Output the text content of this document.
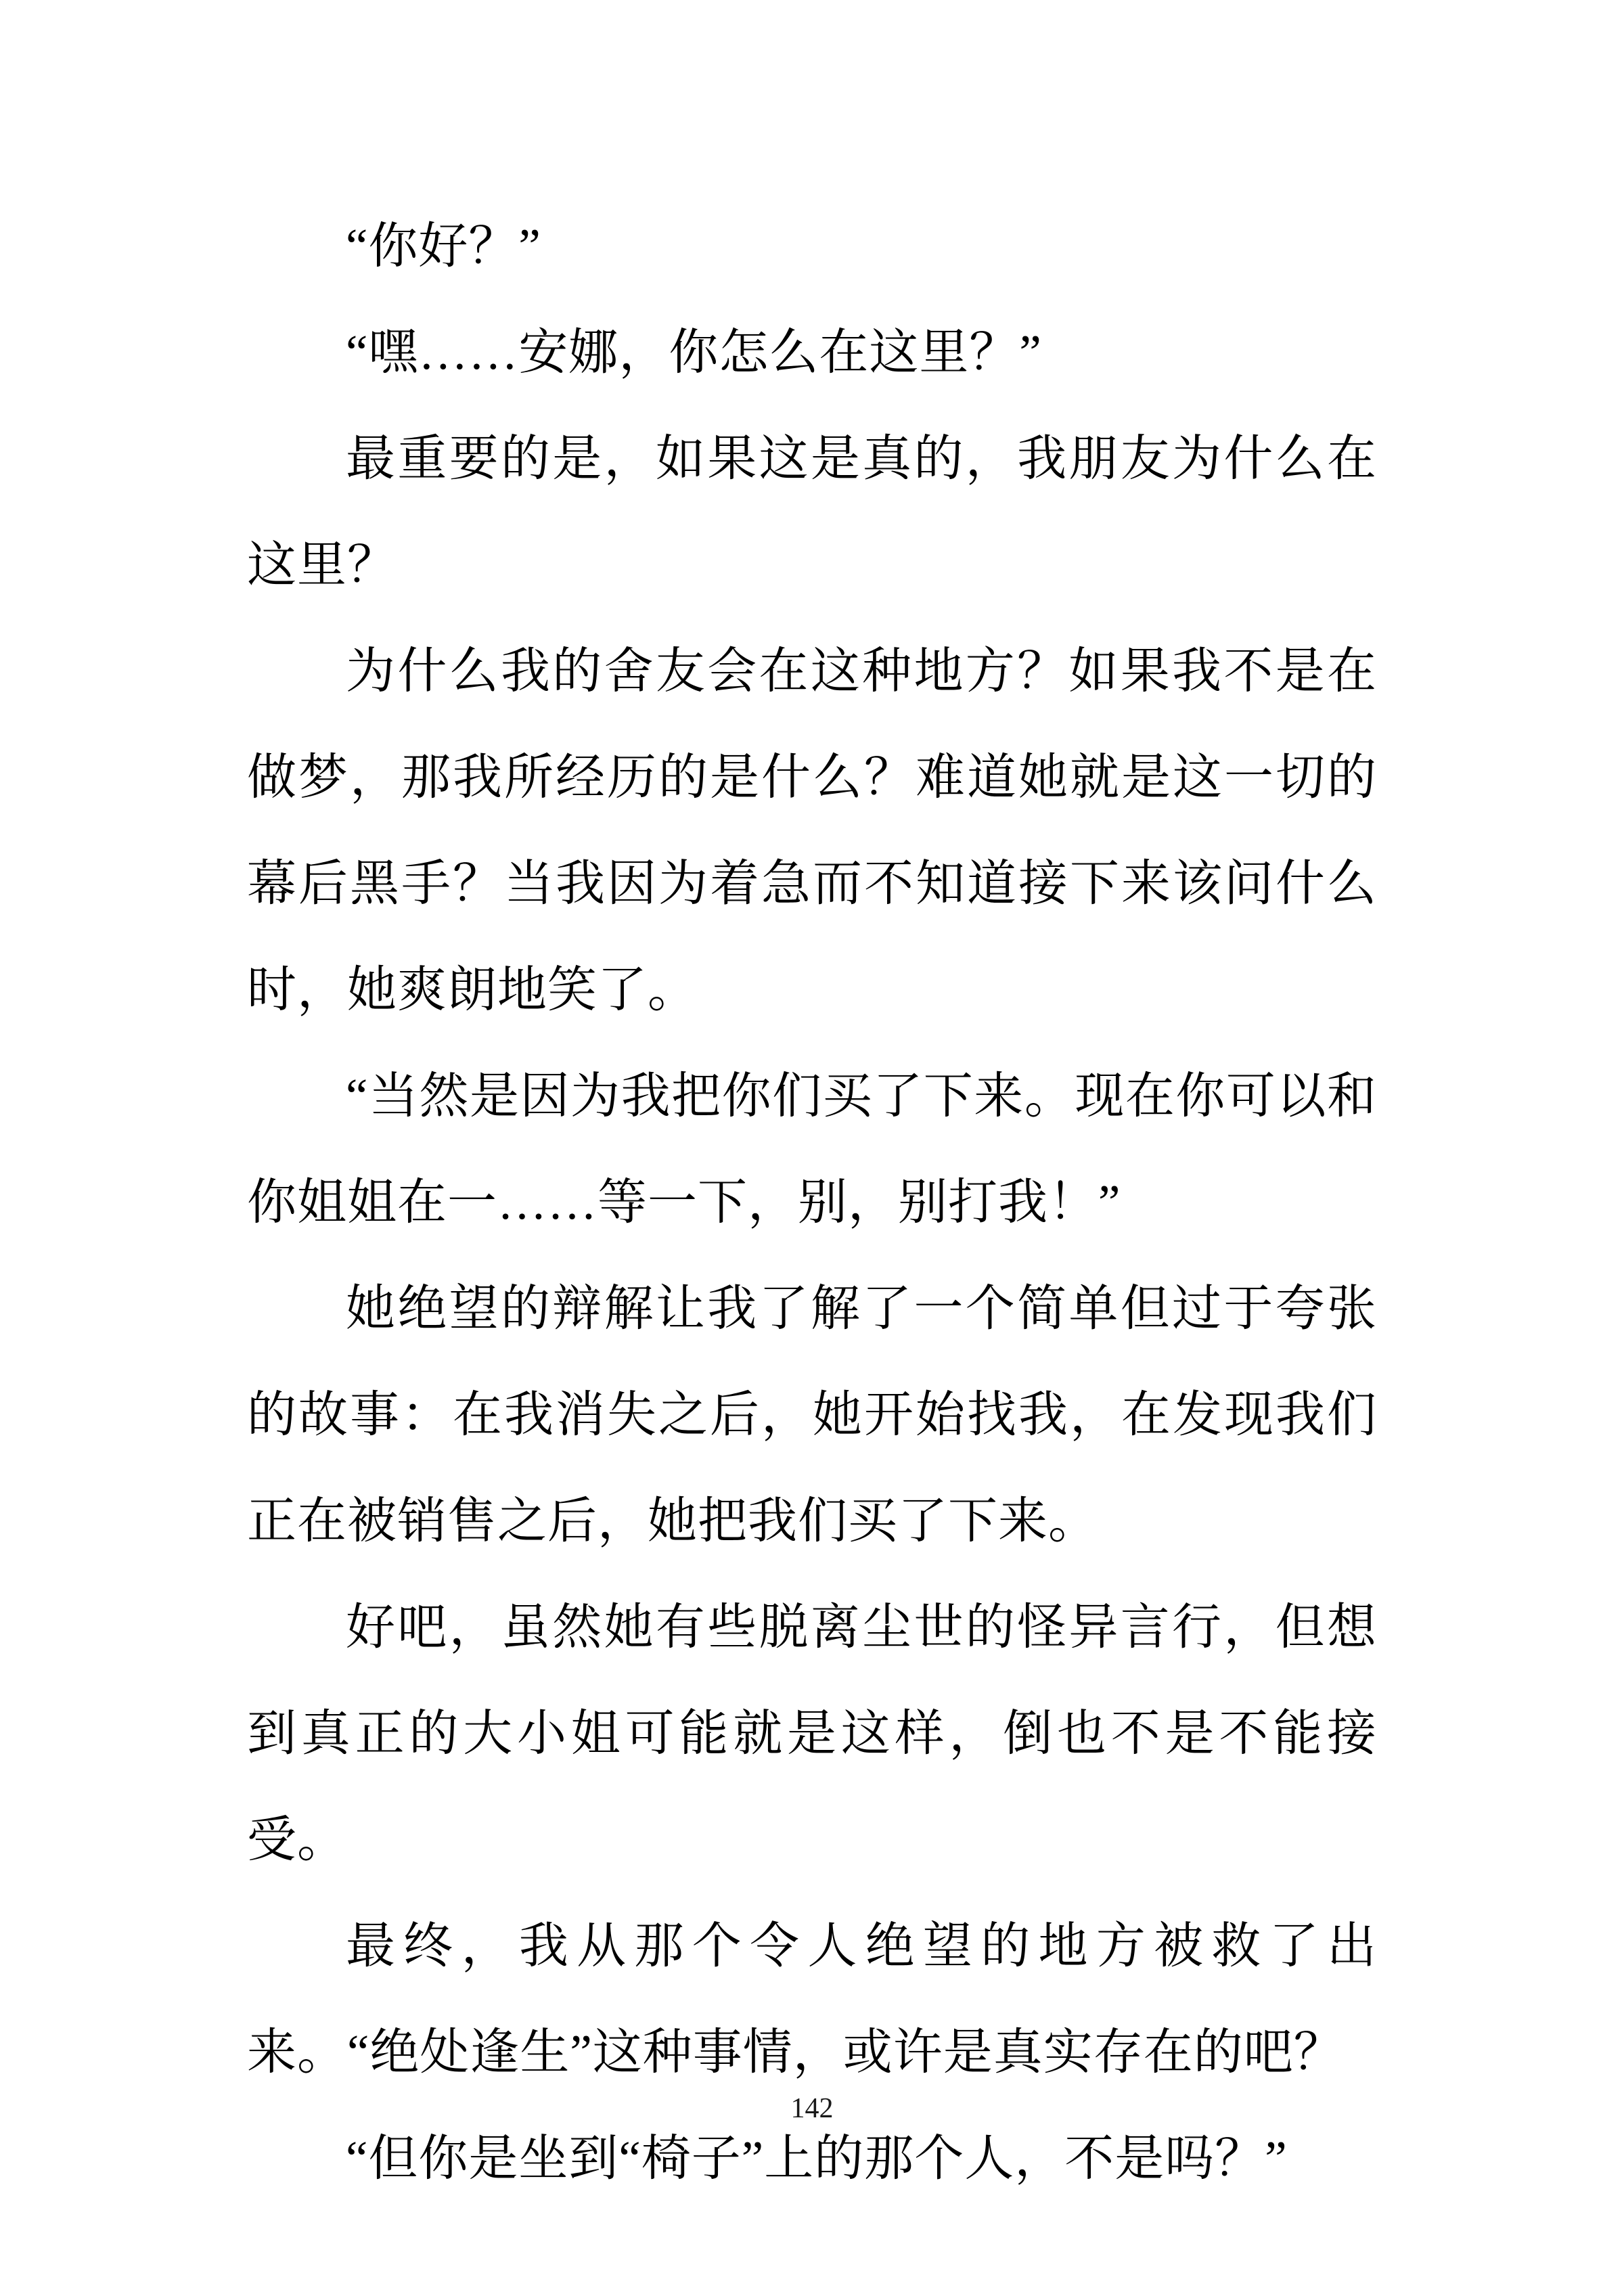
“你好？”

“嘿……安娜，你怎么在这里？”

最重要的是，如果这是真的，我朋友为什么在这里？

为什么我的舍友会在这种地方？如果我不是在做梦，那我所经历的是什么？难道她就是这一切的幕后黑手？当我因为着急而不知道接下来该问什么时，她爽朗地笑了。

“当然是因为我把你们买了下来。现在你可以和你姐姐在一……等一下，别，别打我！”

她绝望的辩解让我了解了一个简单但过于夸张的故事：在我消失之后，她开始找我，在发现我们正在被销售之后，她把我们买了下来。

好吧，虽然她有些脱离尘世的怪异言行，但想到真正的大小姐可能就是这样，倒也不是不能接受。

最终，我从那个令人绝望的地方被救了出来。“绝处逢生”这种事情，或许是真实存在的吧？

“但你是坐到“椅子”上的那个人，不是吗？”

142
